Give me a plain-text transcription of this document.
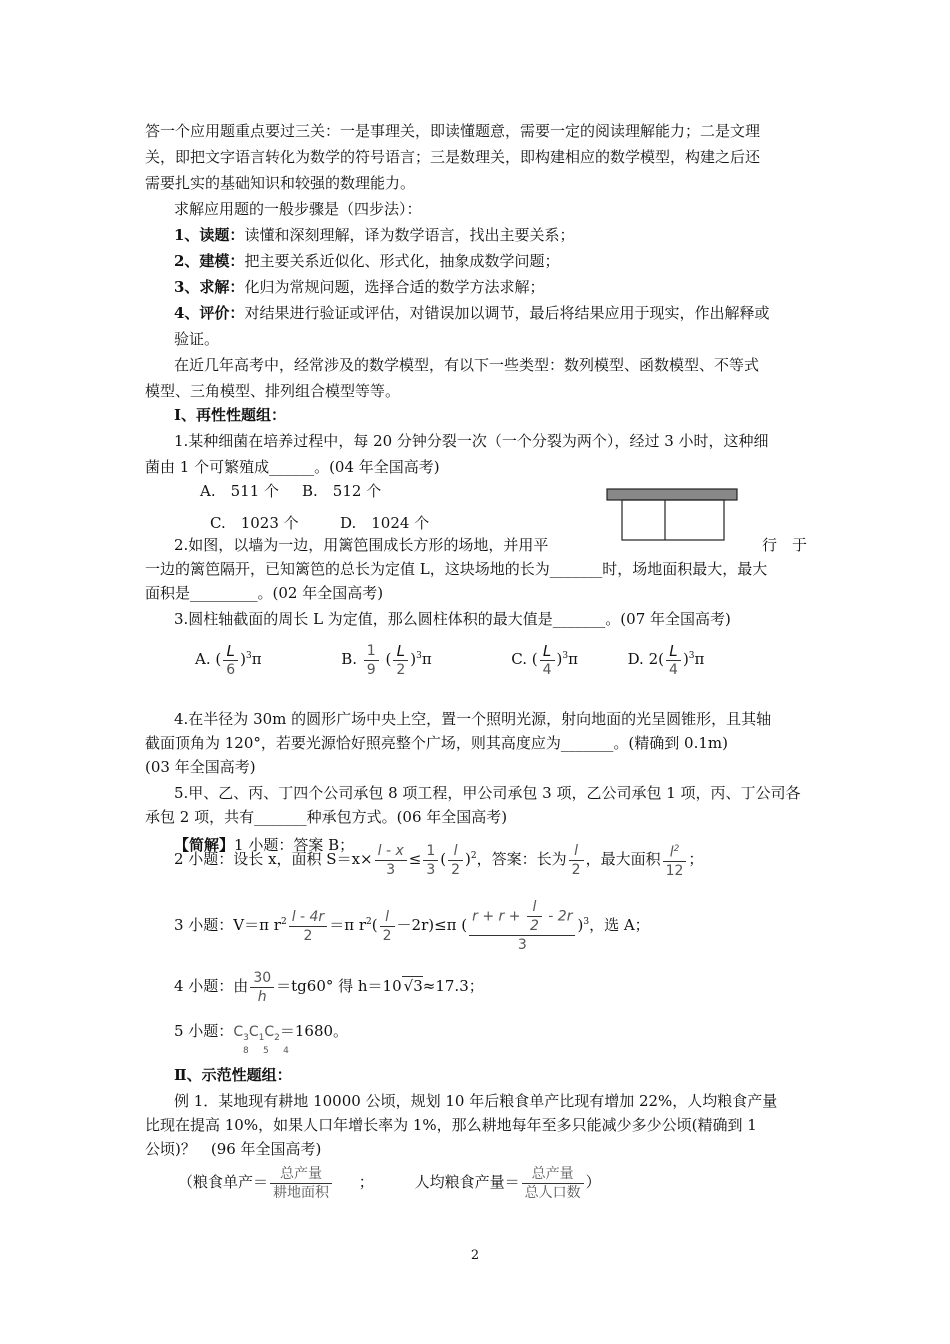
答一个应用题重点要过三关：一是事理关，即读懂题意，需要一定的阅读理解能力；二是文理
关，即把文字语言转化为数学的符号语言；三是数理关，即构建相应的数学模型，构建之后还
需要扎实的基础知识和较强的数理能力。
求解应用题的一般步骤是（四步法）：
1、读题：读懂和深刻理解，译为数学语言，找出主要关系；
2、建模：把主要关系近似化、形式化，抽象成数学问题；
3、求解：化归为常规问题，选择合适的数学方法求解；
4、评价：对结果进行验证或评估，对错误加以调节，最后将结果应用于现实，作出解释或
验证。
在近几年高考中，经常涉及的数学模型，有以下一些类型：数列模型、函数模型、不等式
模型、三角模型、排列组合模型等等。
Ⅰ、再性性题组：
1.某种细菌在培养过程中，每 20 分钟分裂一次（一个分裂为两个），经过 3 小时，这种细
菌由 1 个可繁殖成______。(04 年全国高考)
A.　511 个 B.　512 个
C.　1023 个	D.　1024 个
2.如图，以墙为一边，用篱笆围成长方形的场地，并用平	行　于
一边的篱笆隔开，已知篱笆的总长为定值 L，这块场地的长为_______时，场地面积最大，最大
面积是_________。(02 年全国高考)
3.圆柱轴截面的周长 L 为定值，那么圆柱体积的最大值是_______。(07 年全国高考)
A. ( $\frac{L}{6} )^3\pi$	B. $\frac{1}{9}$ ( $\frac{L}{2} )^3\pi$	C. ( $\frac{L}{4} )^3\pi$	D. $2( \frac{L}{4} )^3\pi$
4.在半径为 30m 的圆形广场中央上空，置一个照明光源，射向地面的光呈圆锥形，且其轴
截面顶角为 120°，若要光源恰好照亮整个广场，则其高度应为_______。(精确到 0.1m)
(03 年全国高考)
5.甲、乙、丙、丁四个公司承包 8 项工程，甲公司承包 3 项，乙公司承包 1 项，丙、丁公司各
承包 2 项，共有_______种承包方式。(06 年全国高考)
【简解】1 小题：答案 B；
2 小题：设长 x，面积 $S=x\times \frac{l - x}{3} \le \frac{1}{3}$ ( $\frac{l}{2} )^2$，答案：长为 $\frac{l}{2}$ ，最大面积 $\frac{l^2}{12}$ ；
3 小题：V＝π $r^2 \frac{l - 4r}{2} =\pi$ $r^2( \frac{l}{2} -2r)\le\pi$ ( $\frac{r + r + \frac{l}{2} - 2r}{3} )^3$，选 A；
4 小题：由 $\frac{30}{h} =tg60^\circ$ 得 h＝10 √3≈17.3；
5 小题：$C_3C_1C_2=1680$。
8 5 4
Ⅱ、示范性题组：
例 1．某地现有耕地 10000 公顷，规划 10 年后粮食单产比现有增加 22%，人均粮食产量
比现在提高 10%，如果人口年增长率为 1%，那么耕地每年至多只能减少多少公顷(精确到 1
公顷)？　(96 年全国高考)
（粮食单产＝ $\frac{\text{总产量}}{\text{耕地面积}}$ ；	人均粮食产量＝ $\frac{\text{总产量}}{\text{总人口数}}$ ）
2
